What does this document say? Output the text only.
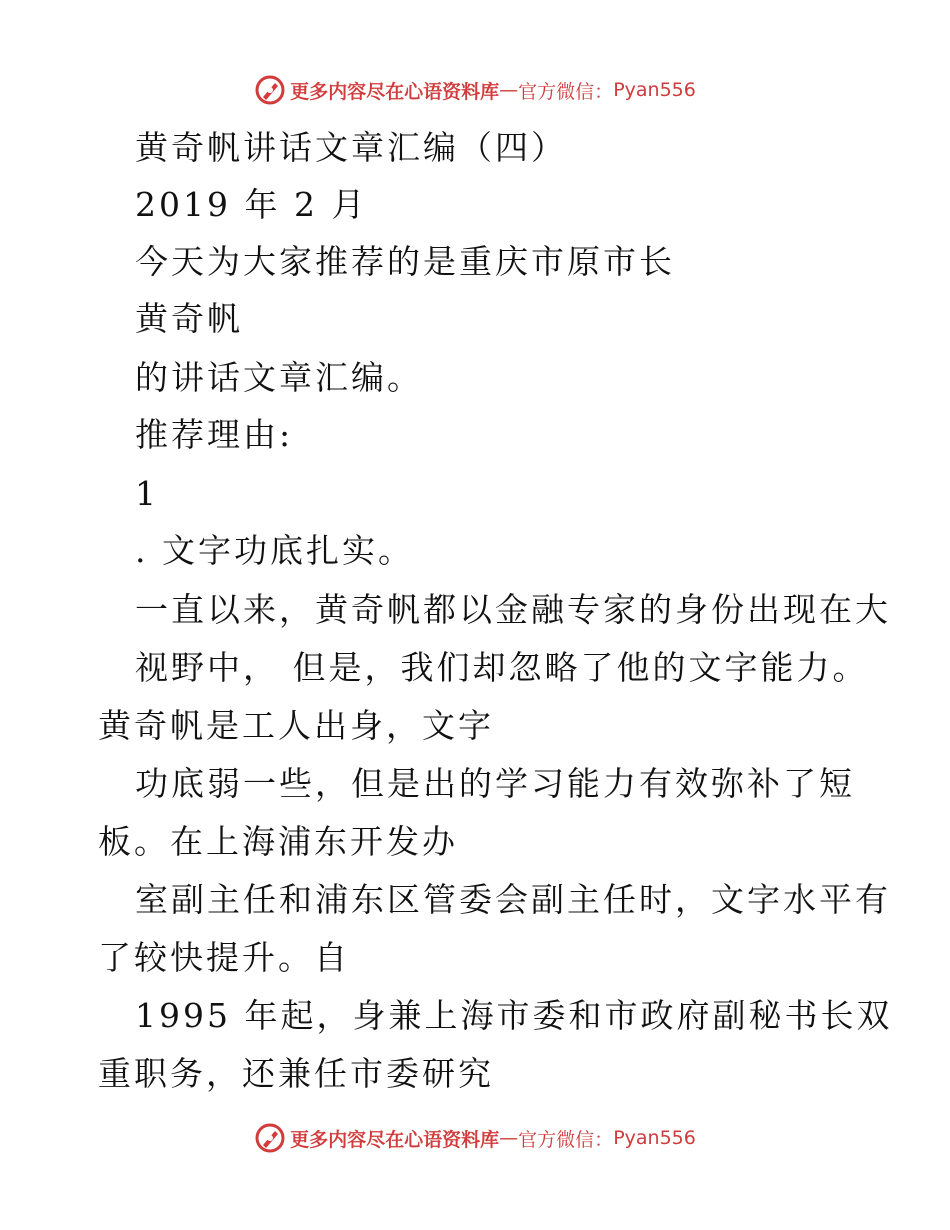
更多内容尽在心语资料库 — 官方微信： Pyan556
黄奇帆讲话文章汇编（四）
2019 年 2 月
今天为大家推荐的是重庆市原市长
黄奇帆
的讲话文章汇编。
推荐理由:
1
. 文字功底扎实。
一直以来，黄奇帆都以金融专家的身份出现在大
视野中， 但是，我们却忽略了他的文字能力。
黄奇帆是工人出身，文字
功底弱一些，但是出的学习能力有效弥补了短
板。在上海浦东开发办
室副主任和浦东区管委会副主任时，文字水平有
了较快提升。自
1995 年起，身兼上海市委和市政府副秘书长双
重职务，还兼任市委研究
更多内容尽在心语资料库 — 官方微信： Pyan556
